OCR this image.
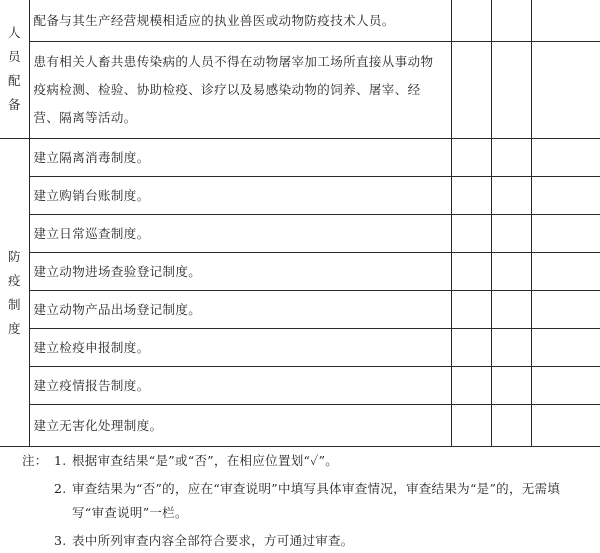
人员配备	配备与其生产经营规模相适应的执业兽医或动物防疫技术人员。			
	患有相关人畜共患传染病的人员不得在动物屠宰加工场所直接从事动物疫病检测、检验、协助检疫、诊疗以及易感染动物的饲养、屠宰、经营、隔离等活动。			

防疫制度	建立隔离消毒制度。			
	建立购销台账制度。			
	建立日常巡查制度。			
	建立动物进场查验登记制度。			
	建立动物产品出场登记制度。			
	建立检疫申报制度。			
	建立疫情报告制度。			
	建立无害化处理制度。			
注： 1. 根据审查结果“是”或“否”，在相应位置划“✓”。
2. 审查结果为“否”的，应在“审查说明”中填写具体审查情况，审查结果为“是”的，无需填写“审查说明”一栏。
3. 表中所列审查内容全部符合要求，方可通过审查。
